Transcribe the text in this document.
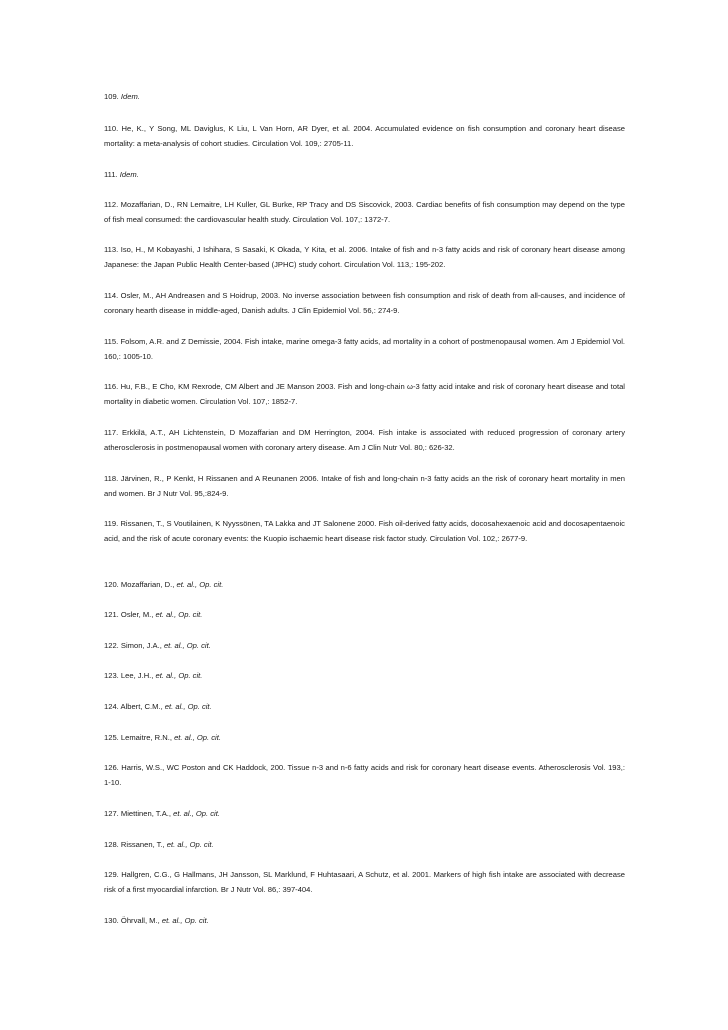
109. Idem.

110. He, K., Y Song, ML Daviglus, K Liu, L Van Horn, AR Dyer, et al. 2004. Accumulated evidence on fish consumption and coronary heart disease mortality: a meta-analysis of cohort studies. Circulation Vol. 109,: 2705-11.

111. Idem.

112. Mozaffarian, D., RN Lemaitre, LH Kuller, GL Burke, RP Tracy and DS Siscovick, 2003. Cardiac benefits of fish consumption may depend on the type of fish meal consumed: the cardiovascular health study. Circulation Vol. 107,: 1372-7.

113. Iso, H., M Kobayashi, J Ishihara, S Sasaki, K Okada, Y Kita, et al. 2006. Intake of fish and n-3 fatty acids and risk of coronary heart disease among Japanese: the Japan Public Health Center-based (JPHC) study cohort. Circulation Vol. 113,: 195-202.

114. Osler, M., AH Andreasen and S Hoidrup, 2003. No inverse association between fish consumption and risk of death from all-causes, and incidence of coronary hearth disease in middle-aged, Danish adults. J Clin Epidemiol Vol. 56,: 274-9.

115. Folsom, A.R. and Z Demissie, 2004. Fish intake, marine omega-3 fatty acids, ad mortality in a cohort of postmenopausal women. Am J Epidemiol Vol. 160,: 1005-10.

116. Hu, F.B., E Cho, KM Rexrode, CM Albert and JE Manson 2003. Fish and long-chain ω-3 fatty acid intake and risk of coronary heart disease and total mortality in diabetic women. Circulation Vol. 107,: 1852-7.

117. Erkkilä, A.T., AH Lichtenstein, D Mozaffarian and DM Herrington, 2004. Fish intake is associated with reduced progression of coronary artery atherosclerosis in postmenopausal women with coronary artery disease. Am J Clin Nutr Vol. 80,: 626-32.

118. Järvinen, R., P Kenkt, H Rissanen and A Reunanen 2006. Intake of fish and long-chain n-3 fatty acids an the risk of coronary heart mortality in men and women. Br J Nutr Vol. 95,:824-9.

119. Rissanen, T., S Voutilainen, K Nyyssönen, TA Lakka and JT Salonene 2000. Fish oil-derived fatty acids, docosahexaenoic acid and docosapentaenoic acid, and the risk of acute coronary events: the Kuopio ischaemic heart disease risk factor study. Circulation Vol. 102,: 2677-9.

120. Mozaffarian, D., et. al., Op. cit.

121. Osler, M., et. al., Op. cit.

122. Simon, J.A., et. al., Op. cit.

123. Lee, J.H., et. al., Op. cit.

124. Albert, C.M., et. al., Op. cit.

125. Lemaitre, R.N., et. al., Op. cit.

126. Harris, W.S., WC Poston and CK Haddock, 200. Tissue n-3 and n-6 fatty acids and risk for coronary heart disease events. Atherosclerosis Vol. 193,: 1-10.

127. Miettinen, T.A., et. al., Op. cit.

128. Rissanen, T., et. al., Op. cit.

129. Hallgren, C.G., G Hallmans, JH Jansson, SL Marklund, F Huhtasaari, A Schutz, et al. 2001. Markers of high fish intake are associated with decrease risk of a first myocardial infarction. Br J Nutr Vol. 86,: 397-404.

130. Öhrvall, M., et. al., Op. cit.
